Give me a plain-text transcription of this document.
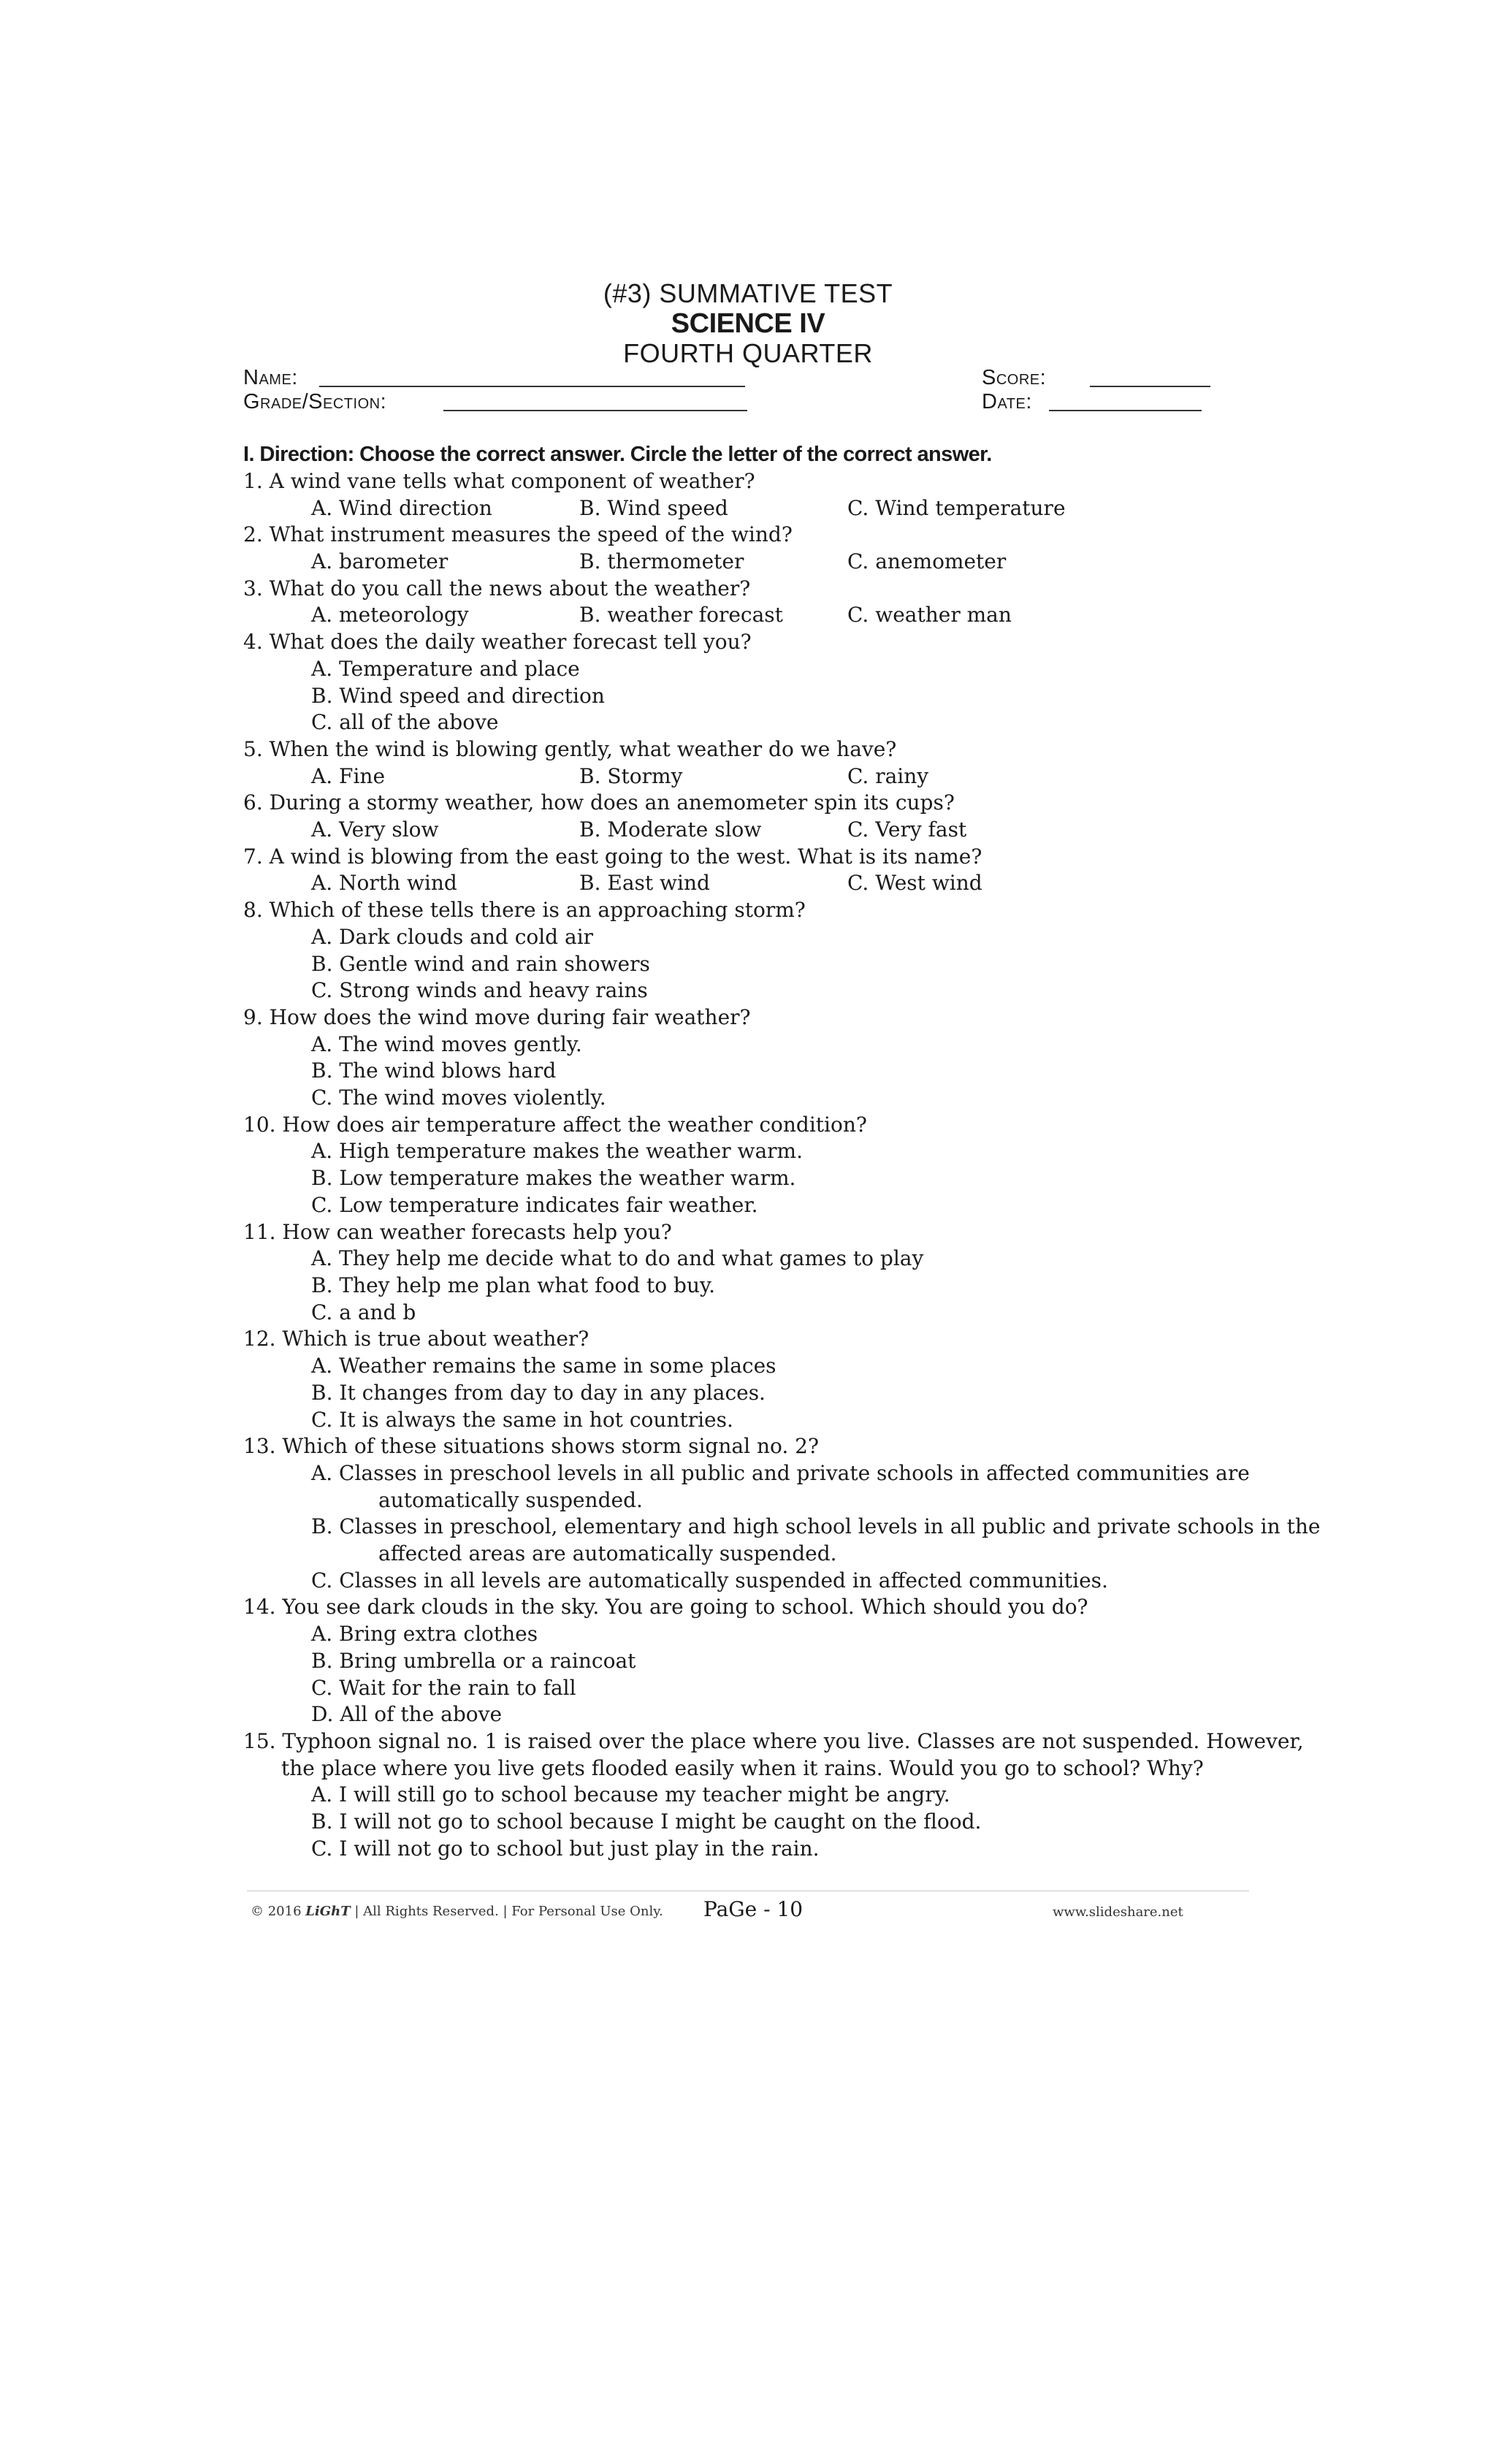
(#3) SUMMATIVE TEST
SCIENCE IV
FOURTH QUARTER
Name:
Grade/Section:
Score:
Date:
I. Direction: Choose the correct answer. Circle the letter of the correct answer.
1. A wind vane tells what component of weather?
A. Wind direction	B. Wind speed	C. Wind temperature
2. What instrument measures the speed of the wind?
A. barometer	B. thermometer	C. anemometer
3. What do you call the news about the weather?
A. meteorology	B. weather forecast	C. weather man
4. What does the daily weather forecast tell you?
A. Temperature and place
B. Wind speed and direction
C. all of the above
5. When the wind is blowing gently, what weather do we have?
A. Fine	B. Stormy	C. rainy
6. During a stormy weather, how does an anemometer spin its cups?
A. Very slow	B. Moderate slow	C. Very fast
7. A wind is blowing from the east going to the west. What is its name?
A. North wind	B. East wind	C. West wind
8. Which of these tells there is an approaching storm?
A. Dark clouds and cold air
B. Gentle wind and rain showers
C. Strong winds and heavy rains
9. How does the wind move during fair weather?
A. The wind moves gently.
B. The wind blows hard
C. The wind moves violently.
10. How does air temperature affect the weather condition?
A. High temperature makes the weather warm.
B. Low temperature makes the weather warm.
C. Low temperature indicates fair weather.
11. How can weather forecasts help you?
A. They help me decide what to do and what games to play
B. They help me plan what food to buy.
C. a and b
12. Which is true about weather?
A. Weather remains the same in some places
B. It changes from day to day in any places.
C. It is always the same in hot countries.
13. Which of these situations shows storm signal no. 2?
A. Classes in preschool levels in all public and private schools in affected communities are
automatically suspended.
B. Classes in preschool, elementary and high school levels in all public and private schools in the
affected areas are automatically suspended.
C. Classes in all levels are automatically suspended in affected communities.
14. You see dark clouds in the sky. You are going to school. Which should you do?
A. Bring extra clothes
B. Bring umbrella or a raincoat
C. Wait for the rain to fall
D. All of the above
15. Typhoon signal no. 1 is raised over the place where you live. Classes are not suspended. However,
the place where you live gets flooded easily when it rains. Would you go to school? Why?
A. I will still go to school because my teacher might be angry.
B. I will not go to school because I might be caught on the flood.
C. I will not go to school but just play in the rain.
© 2016 LiGhT | All Rights Reserved. | For Personal Use Only. PaGe - 10	www.slideshare.net
